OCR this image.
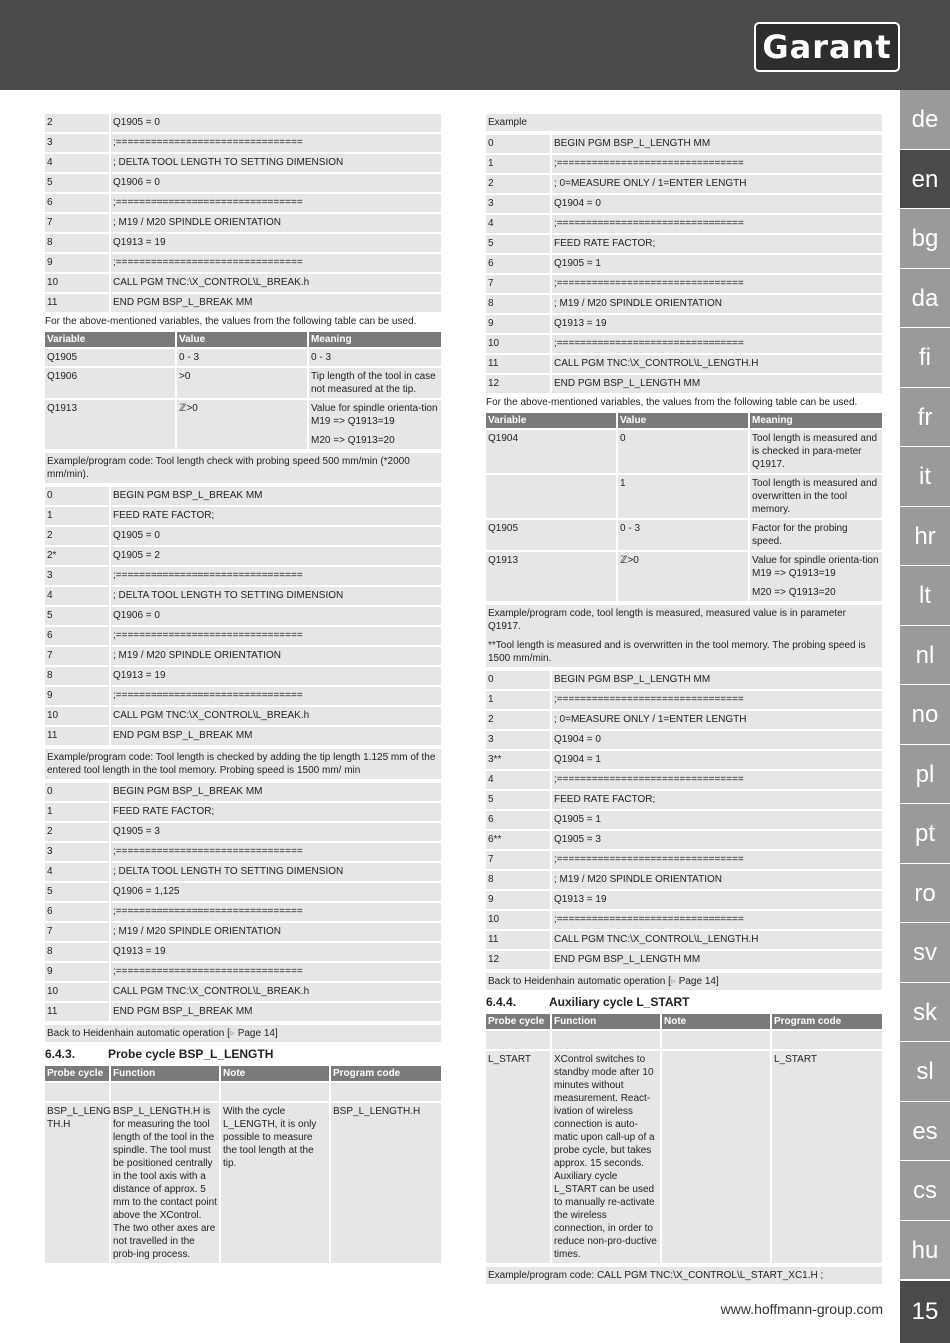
Garant
de
en
bg
da
fi
fr
it
hr
lt
nl
no
pl
pt
ro
sv
sk
sl
es
cs
hu
15
www.hoffmann-group.com
2	Q1905 = 0
3	;================================
4	; DELTA TOOL LENGTH TO SETTING DIMENSION
5	Q1906 = 0
6	;================================
7	; M19 / M20 SPINDLE ORIENTATION
8	Q1913 = 19
9	;================================
10	CALL PGM TNC:\X_CONTROL\L_BREAK.h
11	END PGM BSP_L_BREAK MM
For the above-mentioned variables, the values from the following table can be used.
Variable	Value	Meaning
Q1905	0 - 3	0 - 3
Q1906	>0	Tip length of the tool in case not measured at the tip.
Q1913	ℤ>0	Value for spindle orienta-tion M19 => Q1913=19
M20 => Q1913=20
Example/program code: Tool length check with probing speed 500 mm/min (*2000 mm/min).
0	BEGIN PGM BSP_L_BREAK MM
1	FEED RATE FACTOR;
2	Q1905 = 0
2*	Q1905 = 2
3	;================================
4	; DELTA TOOL LENGTH TO SETTING DIMENSION
5	Q1906 = 0
6	;================================
7	; M19 / M20 SPINDLE ORIENTATION
8	Q1913 = 19
9	;================================
10	CALL PGM TNC:\X_CONTROL\L_BREAK.h
11	END PGM BSP_L_BREAK MM
Example/program code: Tool length is checked by adding the tip length 1.125 mm of the entered tool length in the tool memory. Probing speed is 1500 mm/ min
0	BEGIN PGM BSP_L_BREAK MM
1	FEED RATE FACTOR;
2	Q1905 = 3
3	;================================
4	; DELTA TOOL LENGTH TO SETTING DIMENSION
5	Q1906 = 1,125
6	;================================
7	; M19 / M20 SPINDLE ORIENTATION
8	Q1913 = 19
9	;================================
10	CALL PGM TNC:\X_CONTROL\L_BREAK.h
11	END PGM BSP_L_BREAK MM
Back to Heidenhain automatic operation [▹ Page 14]
6.4.3.	Probe cycle BSP_L_LENGTH
Probe cycle	Function	Note	Program code

BSP_L_LENG TH.H	BSP_L_LENGTH.H is for measuring the tool length of the tool in the spindle. The tool must be positioned centrally in the tool axis with a distance of approx. 5 mm to the contact point above the XControl. The two other axes are not travelled in the prob-ing process.	With the cycle L_LENGTH, it is only possible to measure the tool length at the tip.	BSP_L_LENGTH.H
Example
0	BEGIN PGM BSP_L_LENGTH MM
1	;================================
2	; 0=MEASURE ONLY / 1=ENTER LENGTH
3	Q1904 = 0
4	;================================
5	FEED RATE FACTOR;
6	Q1905 = 1
7	;================================
8	; M19 / M20 SPINDLE ORIENTATION
9	Q1913 = 19
10	;================================
11	CALL PGM TNC:\X_CONTROL\L_LENGTH.H
12	END PGM BSP_L_LENGTH MM
For the above-mentioned variables, the values from the following table can be used.
Variable	Value	Meaning
Q1904	0	Tool length is measured and is checked in para-meter Q1917.
	1	Tool length is measured and overwritten in the tool memory.
Q1905	0 - 3	Factor for the probing speed.
Q1913	ℤ>0	Value for spindle orienta-tion M19 => Q1913=19
M20 => Q1913=20
Example/program code, tool length is measured, measured value is in parameter Q1917.
**Tool length is measured and is overwritten in the tool memory. The probing speed is 1500 mm/min.
0	BEGIN PGM BSP_L_LENGTH MM
1	;================================
2	; 0=MEASURE ONLY / 1=ENTER LENGTH
3	Q1904 = 0
3**	Q1904 = 1
4	;================================
5	FEED RATE FACTOR;
6	Q1905 = 1
6**	Q1905 = 3
7	;================================
8	; M19 / M20 SPINDLE ORIENTATION
9	Q1913 = 19
10	;================================
11	CALL PGM TNC:\X_CONTROL\L_LENGTH.H
12	END PGM BSP_L_LENGTH MM
Back to Heidenhain automatic operation [▹ Page 14]
6.4.4.	Auxiliary cycle L_START
Probe cycle	Function	Note	Program code

L_START	XControl switches to standby mode after 10 minutes without measurement. React-ivation of wireless connection is auto-matic upon call-up of a probe cycle, but takes approx. 15 seconds. Auxiliary cycle L_START can be used to manually re-activate the wireless connection, in order to reduce non-pro-ductive times.		L_START
Example/program code: CALL PGM TNC:\X_CONTROL\L_START_XC1.H ;
